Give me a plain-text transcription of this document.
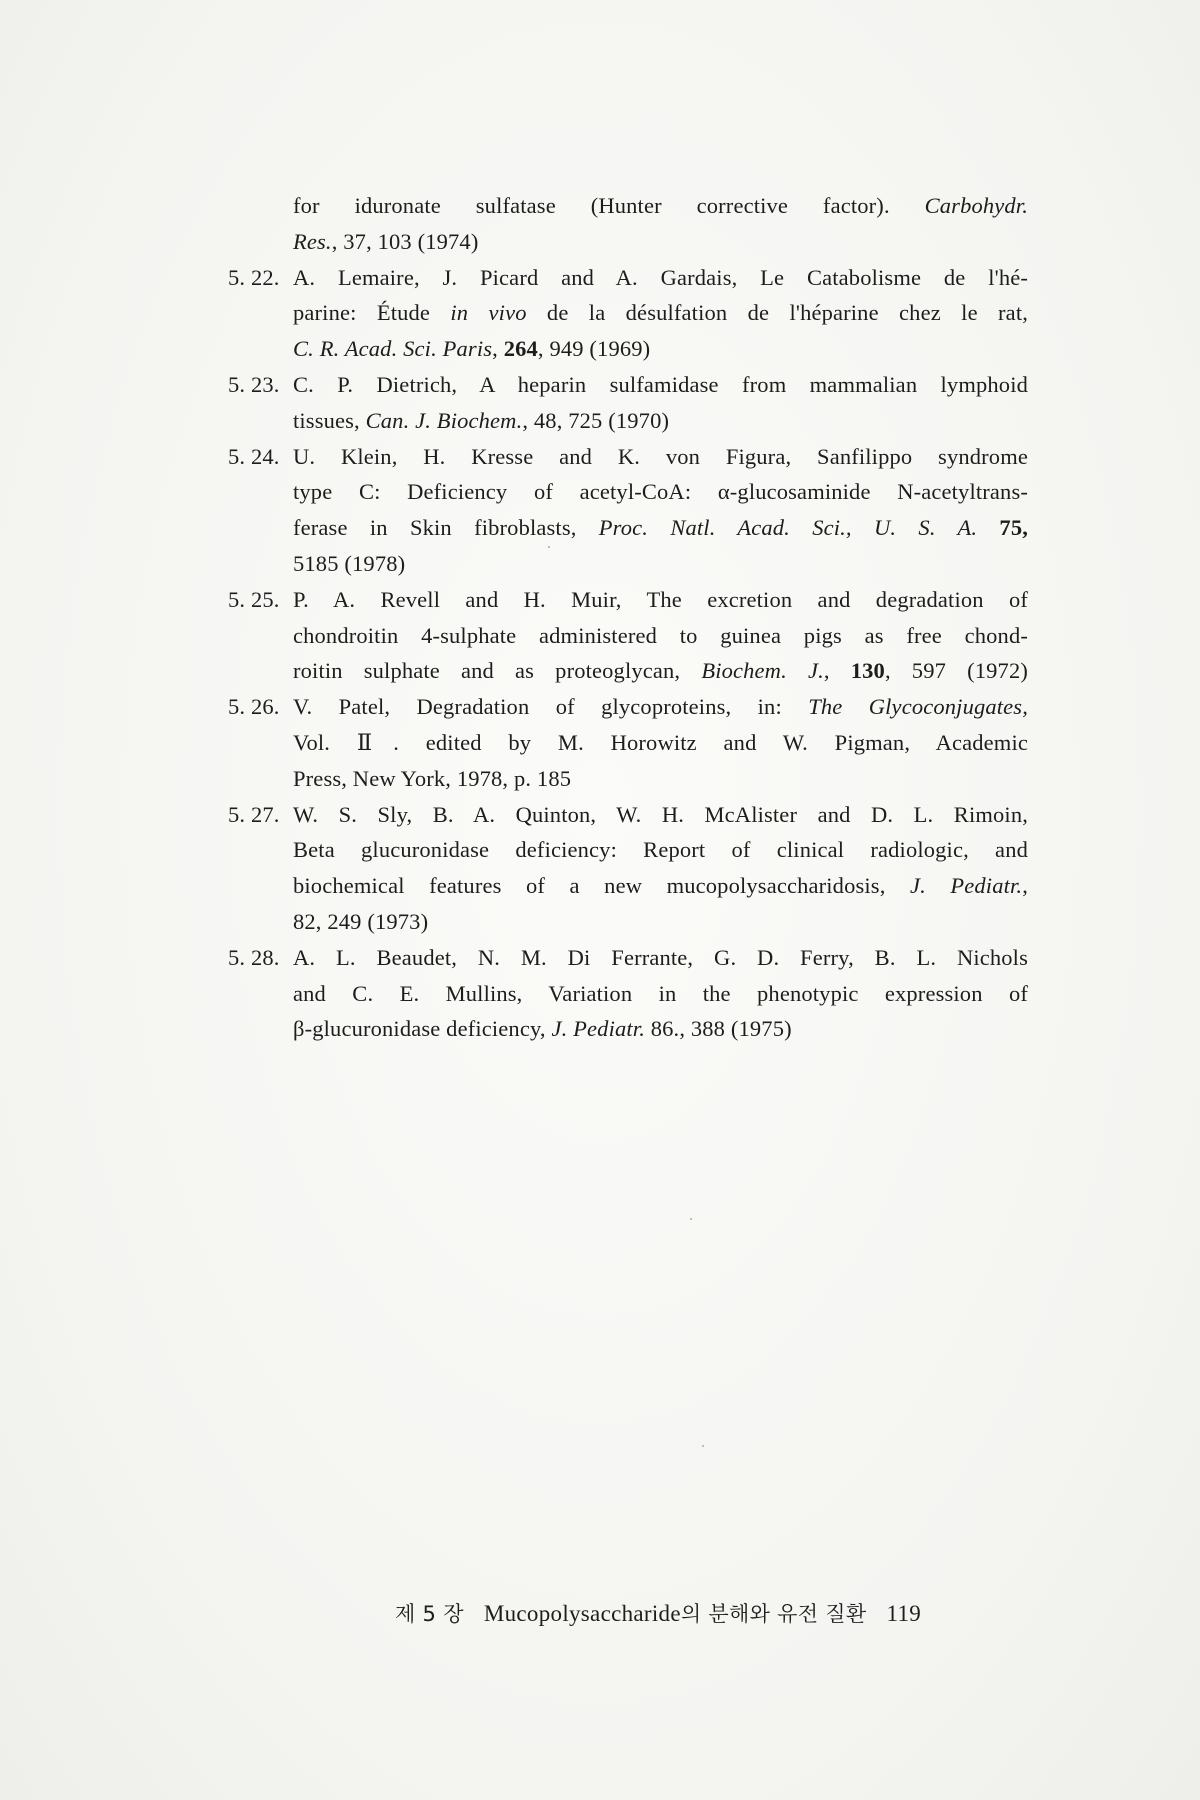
for iduronate sulfatase (Hunter corrective factor). Carbohydr.
Res., 37, 103 (1974)
5. 22. A. Lemaire, J. Picard and A. Gardais, Le Catabolisme de l'hé-
parine: Étude in vivo de la désulfation de l'héparine chez le rat,
C. R. Acad. Sci. Paris, 264, 949 (1969)
5. 23. C. P. Dietrich, A heparin sulfamidase from mammalian lymphoid
tissues, Can. J. Biochem., 48, 725 (1970)
5. 24. U. Klein, H. Kresse and K. von Figura, Sanfilippo syndrome
type C: Deficiency of acetyl-CoA: α-glucosaminide N-acetyltrans-
ferase in Skin fibroblasts, Proc. Natl. Acad. Sci., U. S. A. 75,
5185 (1978)
5. 25. P. A. Revell and H. Muir, The excretion and degradation of
chondroitin 4-sulphate administered to guinea pigs as free chond-
roitin sulphate and as proteoglycan, Biochem. J., 130, 597 (1972)
5. 26. V. Patel, Degradation of glycoproteins, in: The Glycoconjugates,
Vol. Ⅱ. edited by M. Horowitz and W. Pigman, Academic
Press, New York, 1978, p. 185
5. 27. W. S. Sly, B. A. Quinton, W. H. McAlister and D. L. Rimoin,
Beta glucuronidase deficiency: Report of clinical radiologic, and
biochemical features of a new mucopolysaccharidosis, J. Pediatr.,
82, 249 (1973)
5. 28. A. L. Beaudet, N. M. Di Ferrante, G. D. Ferry, B. L. Nichols
and C. E. Mullins, Variation in the phenotypic expression of
β-glucuronidase deficiency, J. Pediatr. 86., 388 (1975)
제 5 장 Mucopolysaccharide의 분해와 유전 질환 119
